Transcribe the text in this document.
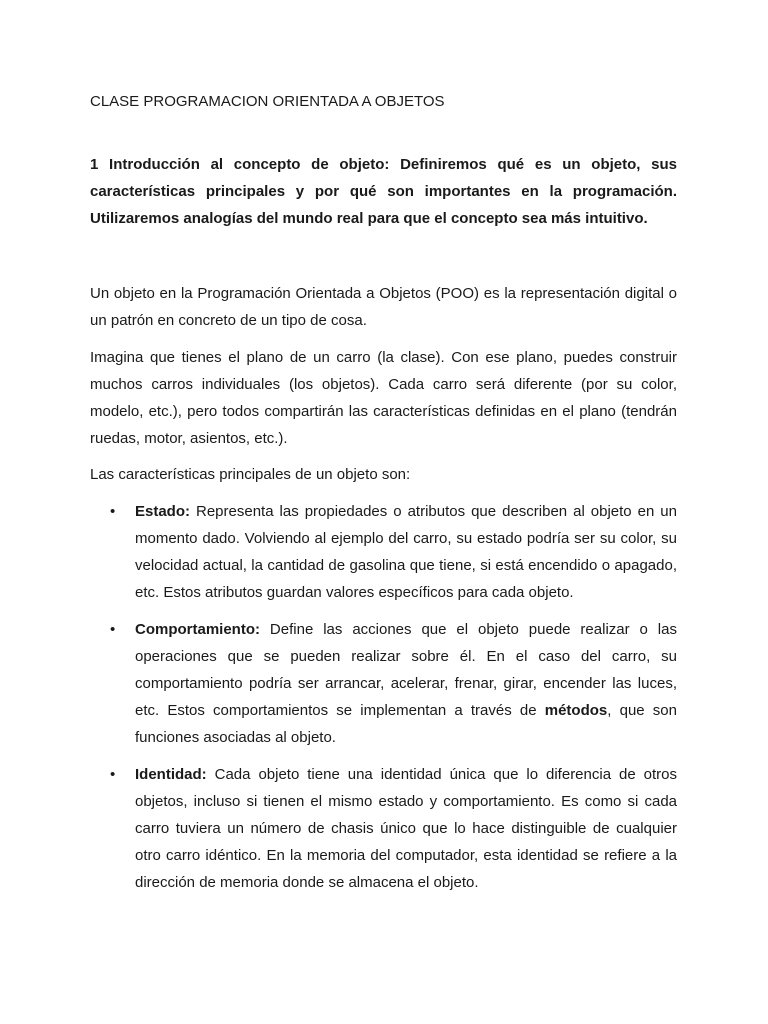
CLASE PROGRAMACION ORIENTADA A OBJETOS

1 Introducción al concepto de objeto: Definiremos qué es un objeto, sus características principales y por qué son importantes en la programación. Utilizaremos analogías del mundo real para que el concepto sea más intuitivo.

Un objeto en la Programación Orientada a Objetos (POO) es la representación digital o un patrón en concreto de un tipo de cosa.

Imagina que tienes el plano de un carro (la clase). Con ese plano, puedes construir muchos carros individuales (los objetos). Cada carro será diferente (por su color, modelo, etc.), pero todos compartirán las características definidas en el plano (tendrán ruedas, motor, asientos, etc.).

Las características principales de un objeto son:

• Estado: Representa las propiedades o atributos que describen al objeto en un momento dado. Volviendo al ejemplo del carro, su estado podría ser su color, su velocidad actual, la cantidad de gasolina que tiene, si está encendido o apagado, etc. Estos atributos guardan valores específicos para cada objeto.
• Comportamiento: Define las acciones que el objeto puede realizar o las operaciones que se pueden realizar sobre él. En el caso del carro, su comportamiento podría ser arrancar, acelerar, frenar, girar, encender las luces, etc. Estos comportamientos se implementan a través de métodos, que son funciones asociadas al objeto.
• Identidad: Cada objeto tiene una identidad única que lo diferencia de otros objetos, incluso si tienen el mismo estado y comportamiento. Es como si cada carro tuviera un número de chasis único que lo hace distinguible de cualquier otro carro idéntico. En la memoria del computador, esta identidad se refiere a la dirección de memoria donde se almacena el objeto.
